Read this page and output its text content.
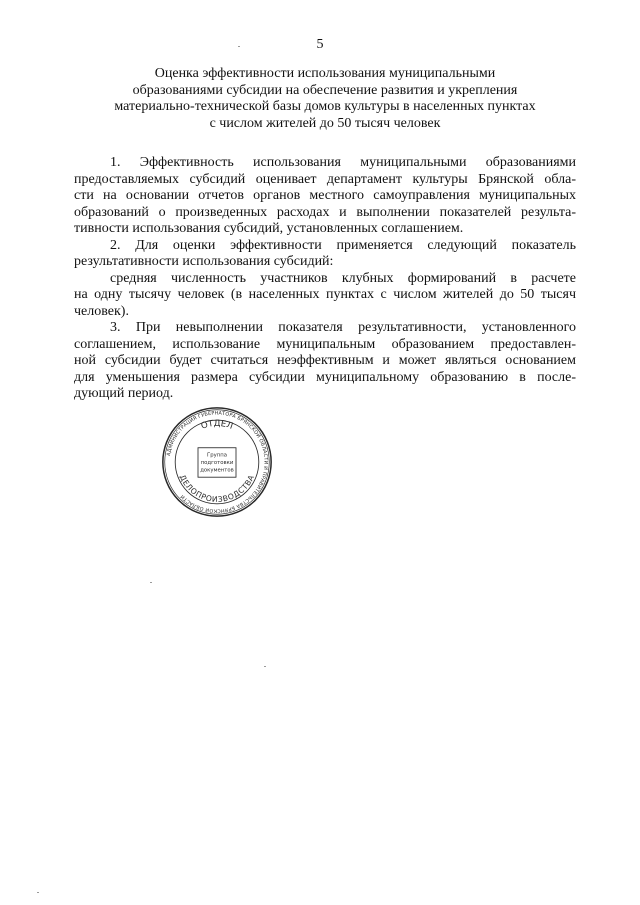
5
Оценка эффективности использования муниципальными
образованиями субсидии на обеспечение развития и укрепления
материально-технической базы домов культуры в населенных пунктах
с числом жителей до 50 тысяч человек

1. Эффективность использования муниципальными образованиями
предоставляемых субсидий оценивает департамент культуры Брянской обла-
сти на основании отчетов органов местного самоуправления муниципальных
образований о произведенных расходах и выполнении показателей результа-
тивности использования субсидий, установленных соглашением.

2. Для оценки эффективности применяется следующий показатель
результативности использования субсидий:

средняя численность участников клубных формирований в расчете
на одну тысячу человек (в населенных пунктах с числом жителей до 50 тысяч
человек).

3. При невыполнении показателя результативности, установленного
соглашением, использование муниципальным образованием предоставлен-
ной субсидии будет считаться неэффективным и может являться основанием
для уменьшения размера субсидии муниципальному образованию в после-
дующий период.

АДМИНИСТРАЦИЯ ГУБЕРНАТОРА БРЯНСКОЙ ОБЛАСТИ И ПРАВИТЕЛЬСТВА БРЯНСКОЙ ОБЛАСТИ
ОТДЕЛ
ДЕЛОПРОИЗВОДСТВА
Группа
подготовки
документов
